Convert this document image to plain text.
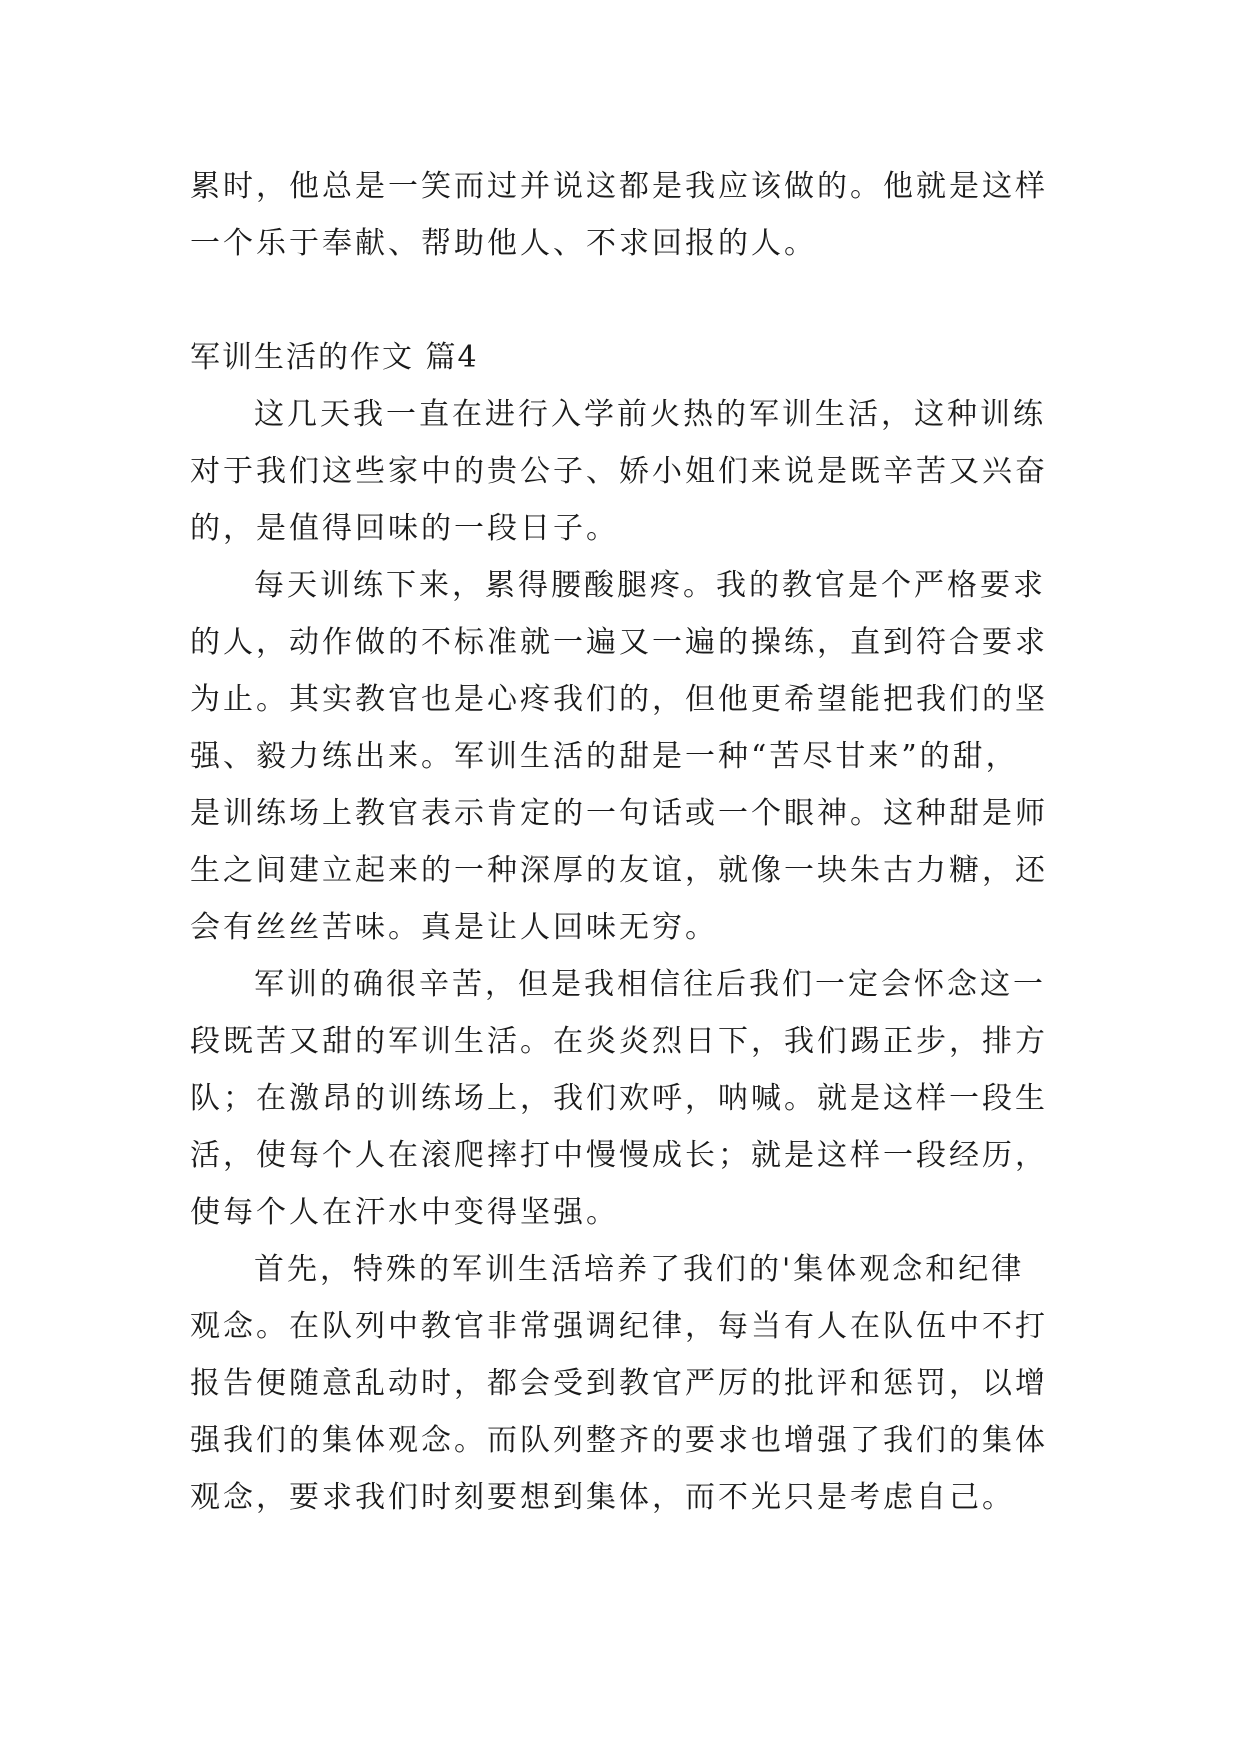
累时，他总是一笑而过并说这都是我应该做的。他就是这样
一个乐于奉献、帮助他人、不求回报的人。
军训生活的作文 篇4
这几天我一直在进行入学前火热的军训生活，这种训练
对于我们这些家中的贵公子、娇小姐们来说是既辛苦又兴奋
的，是值得回味的一段日子。
每天训练下来，累得腰酸腿疼。我的教官是个严格要求
的人，动作做的不标准就一遍又一遍的操练，直到符合要求
为止。其实教官也是心疼我们的，但他更希望能把我们的坚
强、毅力练出来。军训生活的甜是一种“苦尽甘来”的甜，
是训练场上教官表示肯定的一句话或一个眼神。这种甜是师
生之间建立起来的一种深厚的友谊，就像一块朱古力糖，还
会有丝丝苦味。真是让人回味无穷。
军训的确很辛苦，但是我相信往后我们一定会怀念这一
段既苦又甜的军训生活。在炎炎烈日下，我们踢正步，排方
队；在激昂的训练场上，我们欢呼，呐喊。就是这样一段生
活，使每个人在滚爬摔打中慢慢成长；就是这样一段经历，
使每个人在汗水中变得坚强。
首先，特殊的军训生活培养了我们的'集体观念和纪律
观念。在队列中教官非常强调纪律，每当有人在队伍中不打
报告便随意乱动时，都会受到教官严厉的批评和惩罚，以增
强我们的集体观念。而队列整齐的要求也增强了我们的集体
观念，要求我们时刻要想到集体，而不光只是考虑自己。
